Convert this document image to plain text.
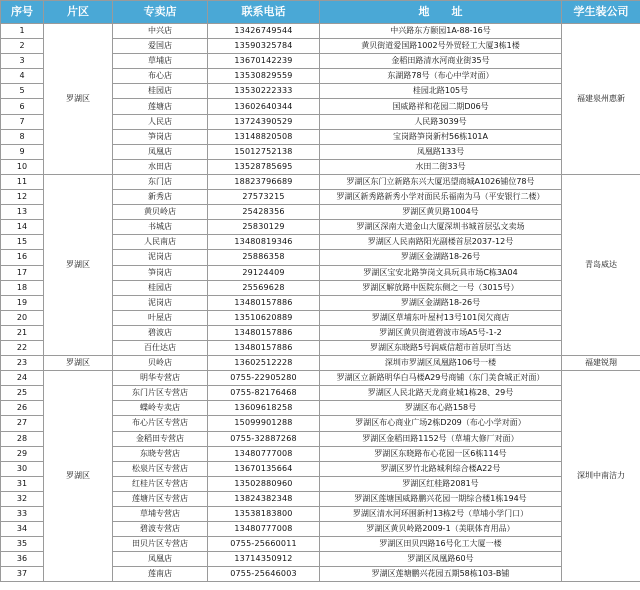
序号	片区	专卖店	联系电话	地　　址	学生装公司
1	罗湖区	中兴店	13426749544	中兴路东方颐园1A-88-16号	福建泉州惠新
2		爱国店	13590325784	黄贝街道爱国路1002号外贸轻工大厦3栋1楼	
3		草埔店	13670142239	金稻田路清水河商业街35号	
4		布心店	13530829559	东湖路78号（布心中学对面）	
5		桂园店	13530222333	桂园北路105号	
6		莲塘店	13602640344	国威路祥和花园二期D06号	
7		人民店	13724390529	人民路3039号	
8		笋岗店	13148820508	宝岗路笋岗新村56栋101A	
9		凤凰店	15012752138	凤凰路133号	
10		水田店	13528785695	水田二街33号	
11	罗湖区	东门店	18823796689	罗湖区东门立新路东兴大厦迅望商城A1026铺位78号	青岛威达
12		新秀店	27573215	罗湖区新秀路新秀小学对面民乐福南为马（平安银行二楼）	
13		黄贝岭店	25428356	罗湖区黄贝路1004号	
14		书城店	25830129	罗湖区深南大道金山大厦深圳书城首层弘文卖场	
15		人民南店	13480819346	罗湖区人民南路阳光副楼首层2037-12号	
16		泥岗店	25886358	罗湖区金湖路18-26号	
17		笋岗店	29124409	罗湖区宝安北路笋岗文具玩具市场C栋3A04	
18		桂园店	25569628	罗湖区解放路中医院东侧之一号（3015号）	
19		泥岗店	13480157886	罗湖区金湖路18-26号	
20		叶屋店	13510620889	罗湖区草埔东叶屋村13号101闵欠商店	
21		碧波店	13480157886	罗湖区黄贝街道碧波市场A5号-1-2	
22		百仕达店	13480157886	罗湖区东晓路5号润威信超市首层叮当达	
23	罗湖区	贝岭店	13602512228	深圳市罗湖区凤凰路106号一楼	福建锐翔
24	罗湖区	明华专营店	0755-22905280	罗湖区立新路明华白马楼A29号商铺（东门美食城正对面）	深圳中南洁力
25		东门片区专营店	0755-82176468	罗湖区人民北路天龙商业城1栋28、29号	
26		蝶岭专卖店	13609618258	罗湖区布心路158号	
27		布心片区专营店	15099901288	罗湖区布心商业广场2栋D209（布心小学对面）	
28		金稻田专营店	0755-32887268	罗湖区金稻田路1152号（草埔大修厂对面）	
29		东晓专营店	13480777008	罗湖区东晓路布心花园一区6栋114号	
30		松泉片区专营店	13670135664	罗湖区罗竹北路城利综合楼A22号	
31		红桂片区专营店	13502880960	罗湖区红桂路2081号	
32		莲塘片区专营店	13824382348	罗湖区莲塘国威路鹏兴花园一期综合楼1栋194号	
33		草埔专营店	13538183800	罗湖区清水河环围新村13栋2号（草埔小学门口）	
34		碧波专营店	13480777008	罗湖区黄贝岭路2009-1（美联体育用品）	
35		田贝片区专营店	0755-25660011	罗湖区田贝四路16号化工大厦一楼	
36		凤凰店	13714350912	罗湖区凤凰路60号	
37		莲南店	0755-25646003	罗湖区莲塘鹏兴花园五期58栋103-B铺	
